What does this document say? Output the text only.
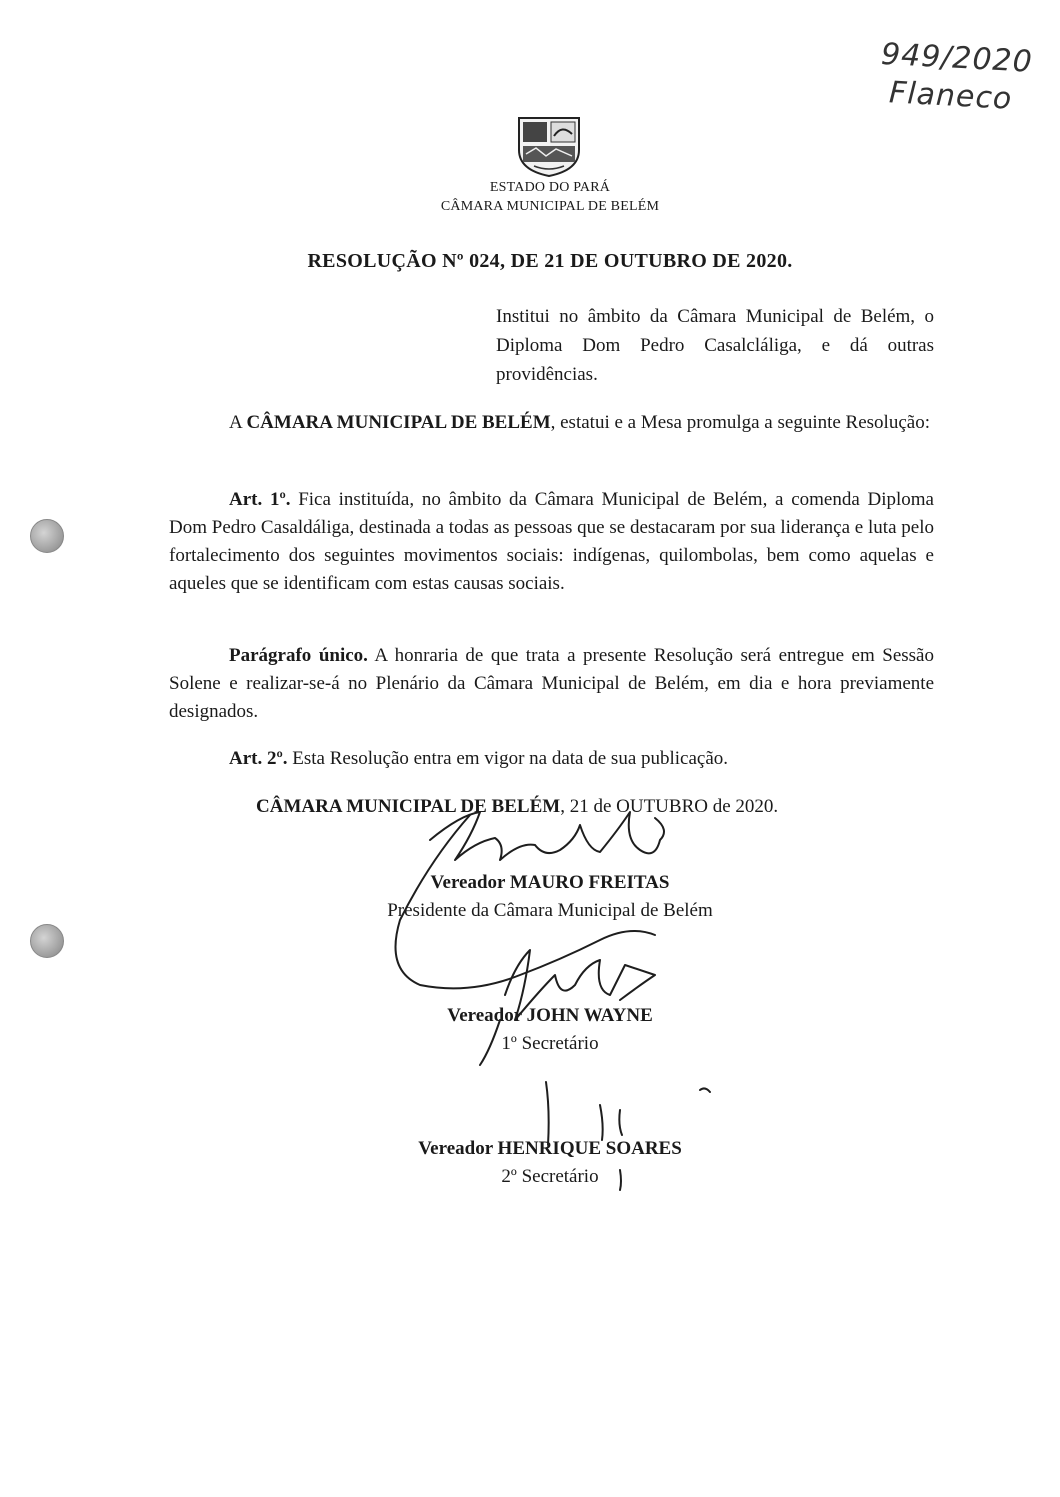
949/2020
Flaneco
ESTADO DO PARÁ
CÂMARA MUNICIPAL DE BELÉM
RESOLUÇÃO Nº 024, DE 21 DE OUTUBRO DE 2020.
Institui no âmbito da Câmara Municipal de Belém, o Diploma Dom Pedro Casalcláliga, e dá outras providências.
A CÂMARA MUNICIPAL DE BELÉM, estatui e a Mesa promulga a seguinte Resolução:
Art. 1º. Fica instituída, no âmbito da Câmara Municipal de Belém, a comenda Diploma Dom Pedro Casaldáliga, destinada a todas as pessoas que se destacaram por sua liderança e luta pelo fortalecimento dos seguintes movimentos sociais: indígenas, quilombolas, bem como aquelas e aqueles que se identificam com estas causas sociais.
Parágrafo único. A honraria de que trata a presente Resolução será entregue em Sessão Solene e realizar-se-á no Plenário da Câmara Municipal de Belém, em dia e hora previamente designados.
Art. 2º. Esta Resolução entra em vigor na data de sua publicação.
CÂMARA MUNICIPAL DE BELÉM, 21 de OUTUBRO de 2020.
Vereador MAURO FREITAS
Presidente da Câmara Municipal de Belém
Vereador JOHN WAYNE
1º Secretário
Vereador HENRIQUE SOARES
2º Secretário
